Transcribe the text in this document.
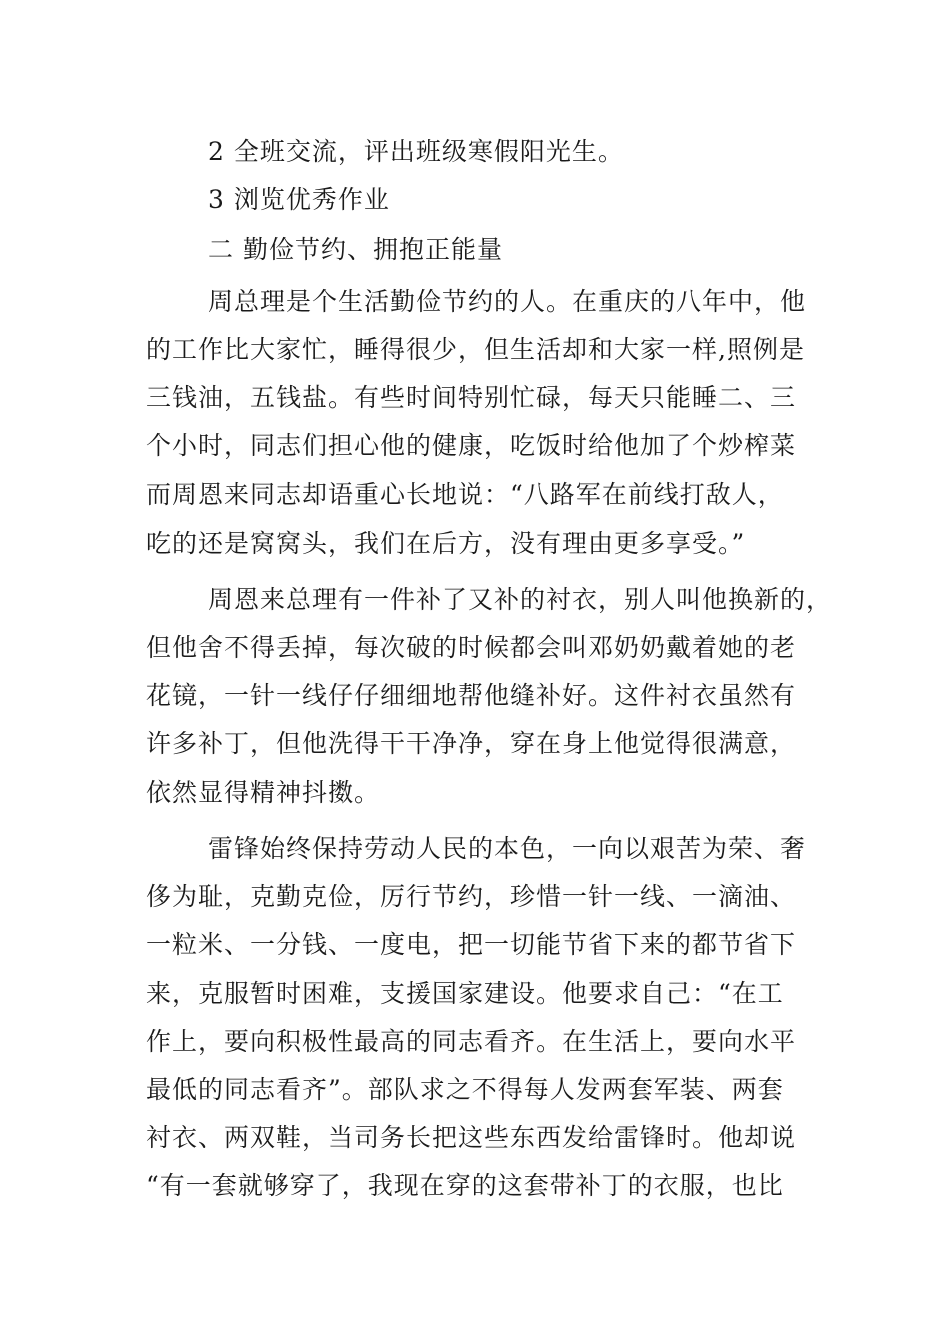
2 全班交流，评出班级寒假阳光生。
3 浏览优秀作业
二 勤俭节约、拥抱正能量
周总理是个生活勤俭节约的人。在重庆的八年中，他
的工作比大家忙，睡得很少，但生活却和大家一样,照例是
三钱油，五钱盐。有些时间特别忙碌，每天只能睡二、三
个小时，同志们担心他的健康，吃饭时给他加了个炒榨菜
而周恩来同志却语重心长地说：“八路军在前线打敌人，
吃的还是窝窝头，我们在后方，没有理由更多享受。”
周恩来总理有一件补了又补的衬衣，别人叫他换新的，
但他舍不得丢掉，每次破的时候都会叫邓奶奶戴着她的老
花镜，一针一线仔仔细细地帮他缝补好。这件衬衣虽然有
许多补丁，但他洗得干干净净，穿在身上他觉得很满意，
依然显得精神抖擞。
雷锋始终保持劳动人民的本色，一向以艰苦为荣、奢
侈为耻，克勤克俭，厉行节约，珍惜一针一线、一滴油、
一粒米、一分钱、一度电，把一切能节省下来的都节省下
来，克服暂时困难，支援国家建设。他要求自己：“在工
作上，要向积极性最高的同志看齐。在生活上，要向水平
最低的同志看齐”。部队求之不得每人发两套军装、两套
衬衣、两双鞋，当司务长把这些东西发给雷锋时。他却说
“有一套就够穿了，我现在穿的这套带补丁的衣服，也比
